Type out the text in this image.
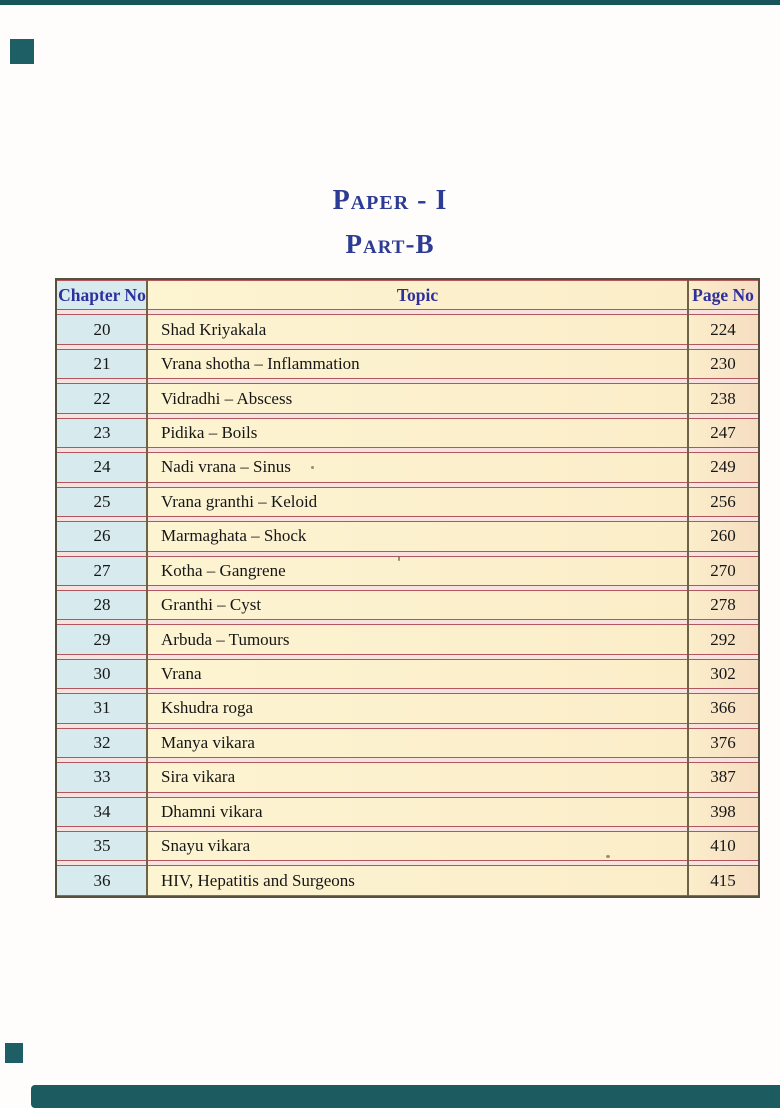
Paper - I
Part-B
Chapter No	Topic	Page No
20	Shad Kriyakala	224
21	Vrana shotha – Inflammation	230
22	Vidradhi – Abscess	238
23	Pidika – Boils	247
24	Nadi vrana – Sinus	249
25	Vrana granthi – Keloid	256
26	Marmaghata – Shock	260
27	Kotha – Gangrene	270
28	Granthi – Cyst	278
29	Arbuda – Tumours	292
30	Vrana	302
31	Kshudra roga	366
32	Manya vikara	376
33	Sira vikara	387
34	Dhamni vikara	398
35	Snayu vikara	410
36	HIV, Hepatitis and Surgeons	415
